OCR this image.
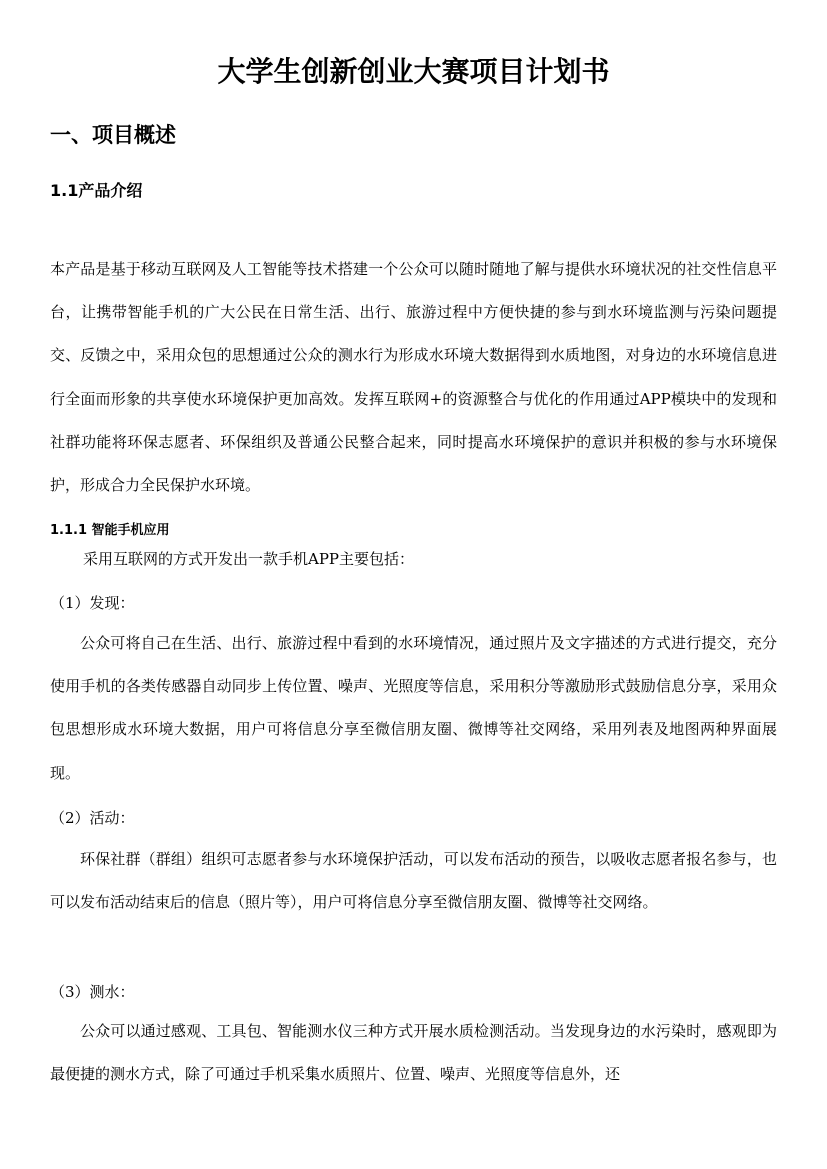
大学生创新创业大赛项目计划书
一、项目概述
1.1产品介绍

本产品是基于移动互联网及人工智能等技术搭建一个公众可以随时随地了解与提供水环境状况的社交性信息平台，让携带智能手机的广大公民在日常生活、出行、旅游过程中方便快捷的参与到水环境监测与污染问题提交、反馈之中，采用众包的思想通过公众的测水行为形成水环境大数据得到水质地图，对身边的水环境信息进行全面而形象的共享使水环境保护更加高效。发挥互联网+的资源整合与优化的作用通过APP模块中的发现和社群功能将环保志愿者、环保组织及普通公民整合起来，同时提高水环境保护的意识并积极的参与水环境保护，形成合力全民保护水环境。

1.1.1 智能手机应用
采用互联网的方式开发出一款手机APP主要包括：
（1）发现：

公众可将自己在生活、出行、旅游过程中看到的水环境情况，通过照片及文字描述的方式进行提交，充分使用手机的各类传感器自动同步上传位置、噪声、光照度等信息，采用积分等激励形式鼓励信息分享，采用众包思想形成水环境大数据，用户可将信息分享至微信朋友圈、微博等社交网络，采用列表及地图两种界面展现。

（2）活动：

环保社群（群组）组织可志愿者参与水环境保护活动，可以发布活动的预告，以吸收志愿者报名参与，也可以发布活动结束后的信息（照片等），用户可将信息分享至微信朋友圈、微博等社交网络。

（3）测水：

公众可以通过感观、工具包、智能测水仪三种方式开展水质检测活动。当发现身边的水污染时，感观即为最便捷的测水方式，除了可通过手机采集水质照片、位置、噪声、光照度等信息外，还
